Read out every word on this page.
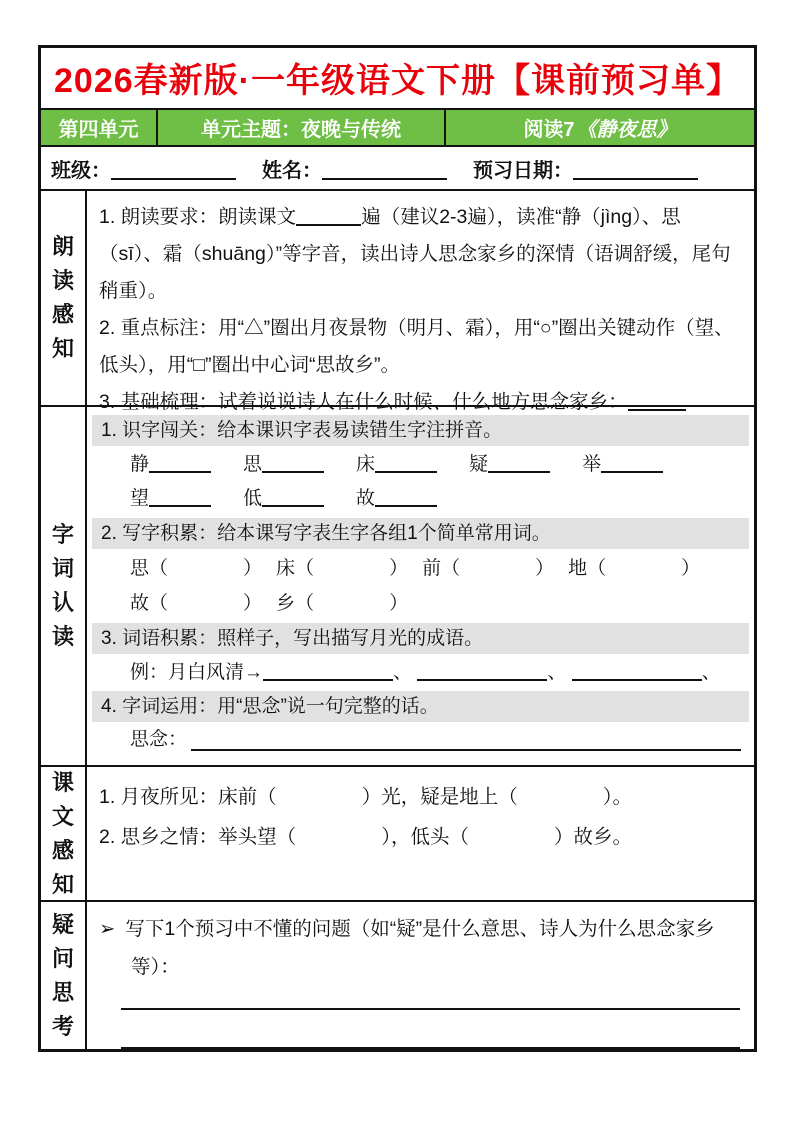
2026春新版·一年级语文下册【课前预习单】
第四单元	单元主题：夜晚与传统	阅读7 《静夜思》
班级：	姓名：	预习日期：
朗读感知

1. 朗读要求：朗读课文	遍（建议2-3遍），读准“静（jìng）、思（sī）、霜（shuāng）”等字音，读出诗人思念家乡的深情（语调舒缓，尾句稍重）。

2. 重点标注：用“△”圈出月夜景物（明月、霜），用“○”圈出关键动作（望、低头），用“□”圈出中心词“思故乡”。

3. 基础梳理：试着说说诗人在什么时候、什么地方思念家乡：

字词认读
1. 识字闯关：给本课识字表易读错生字注拼音。
静	思	床	疑	举
望	低	故
2. 写字积累：给本课写字表生字各组1个简单常用词。
思（	） 床（	） 前（	） 地（	）
故（	） 乡（	）
3. 词语积累：照样子，写出描写月光的成语。
例：月白风清→	、	、	、
4. 字词运用：用“思念”说一句完整的话。
思念：
课文感知

1. 月夜所见：床前（	）光，疑是地上（	）。

2. 思乡之情：举头望（	），低头（	）故乡。

疑问思考

➢ 写下1个预习中不懂的问题（如“疑”是什么意思、诗人为什么思念家乡等）：
